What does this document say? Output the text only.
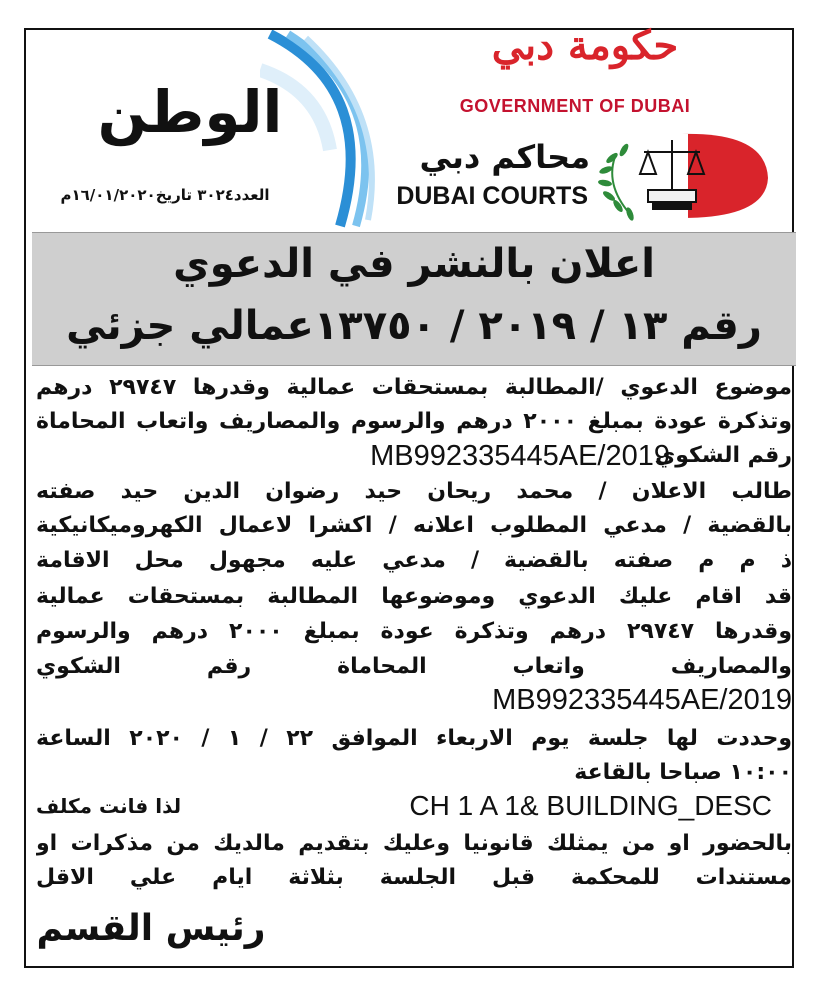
حكومة دبي
GOVERNMENT OF DUBAI
محاكم دبي
DUBAI COURTS
الوطن
العدد٣٠٢٤ تاريخ١٦/٠١/٢٠٢٠م
اعلان بالنشر في الدعوي
رقم ١٣ / ٢٠١٩ / ١٣٧٥٠عمالي جزئي
موضوع الدعوي /المطالبة بمستحقات عمالية وقدرها ٢٩٧٤٧ درهم
وتذكرة عودة بمبلغ ٢٠٠٠ درهم والرسوم والمصاريف واتعاب المحاماة
رقم الشكوي
MB992335445AE/2019
طالب الاعلان / محمد ريحان حيد رضوان الدين حيد صفته
بالقضية / مدعي المطلوب اعلانه / اكشرا لاعمال الكهروميكانيكية
ذ م م صفته بالقضية / مدعي عليه مجهول محل الاقامة
قد اقام عليك الدعوي وموضوعها المطالبة بمستحقات عمالية
وقدرها ٢٩٧٤٧ درهم وتذكرة عودة بمبلغ ٢٠٠٠ درهم والرسوم
والمصاريف واتعاب المحاماة رقم الشكوي
MB992335445AE/2019
وحددت لها جلسة يوم الاربعاء الموافق ٢٢ / ١ / ٢٠٢٠ الساعة
١٠:٠٠ صباحا بالقاعة
CH 1 A 1& BUILDING_DESC
لذا فانت مكلف
بالحضور او من يمثلك قانونيا وعليك بتقديم مالديك من مذكرات او
مستندات للمحكمة قبل الجلسة بثلاثة ايام علي الاقل
رئيس القسم
